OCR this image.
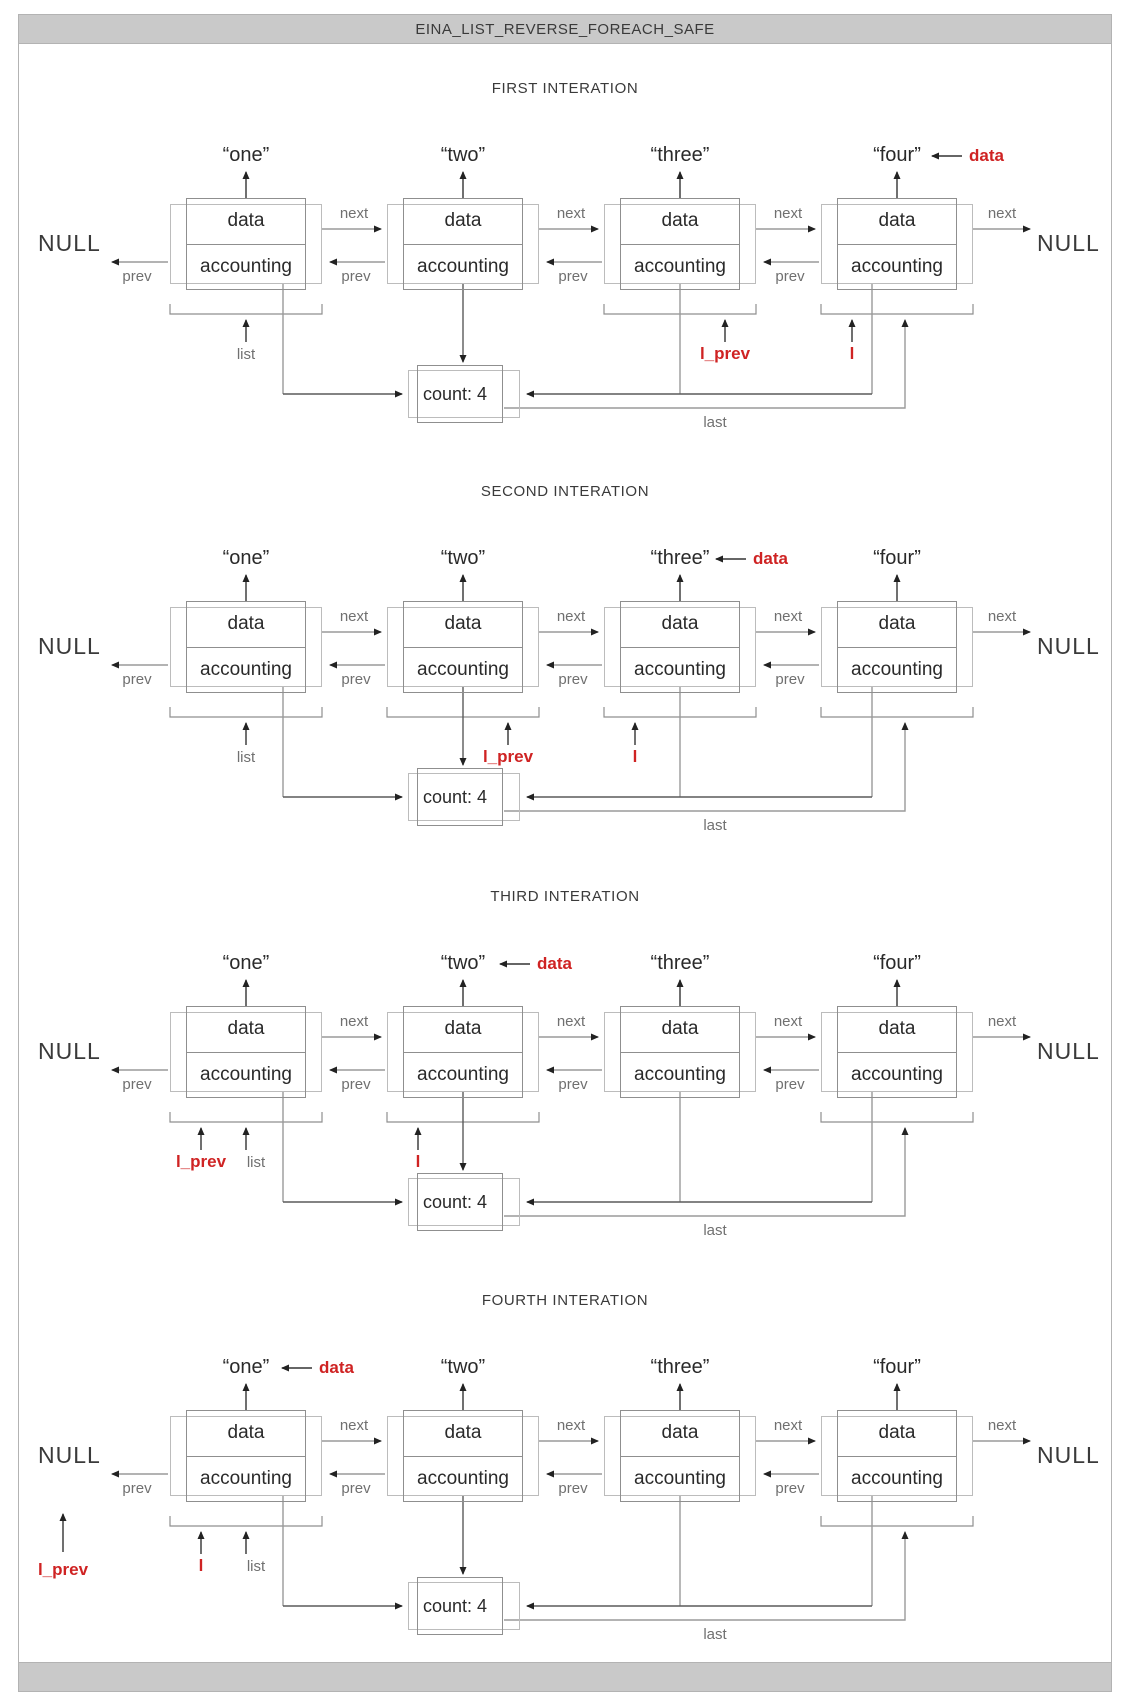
EINA_LIST_REVERSE_FOREACH_SAFE
FIRST INTERATION
“one”	“two”	“three”	“four”	data
NULL	NULL
data
accounting
data
accounting
data
accounting
data
accounting
next	next	next	next
prev	prev	prev	prev
list	l_prev	l
last
count: 4
SECOND INTERATION
“one”	“two”	“three”	“four”
data
NULL	NULL
data
accounting
data
accounting
data
accounting
data
accounting
next	next	next	next
prev	prev	prev	prev
list	l_prev	l
last
count: 4
THIRD INTERATION
“one”	“two”	“three”	“four”
data
NULL	NULL
data
accounting
data
accounting
data
accounting
data
accounting
next	next	next	next
prev	prev	prev	prev
l_prev	list	l
last
count: 4
FOURTH INTERATION
“one”	“two”	“three”	“four”
data
NULL	NULL
data
accounting
data
accounting
data
accounting
data
accounting
next	next	next	next
prev	prev	prev	prev
l_prev	l	list
last
count: 4
